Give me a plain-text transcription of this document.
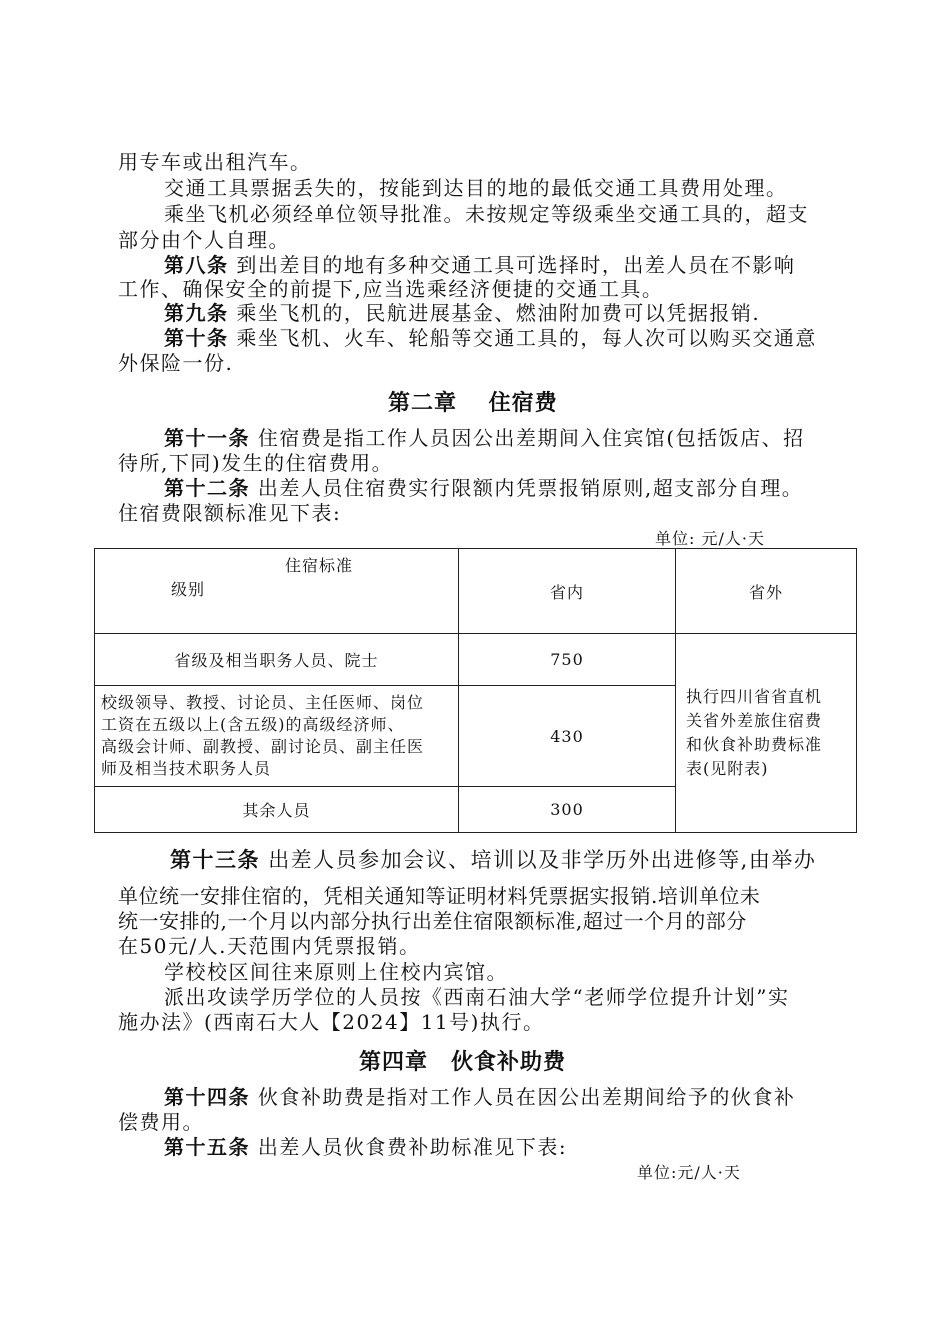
用专车或出租汽车。
交通工具票据丢失的，按能到达目的地的最低交通工具费用处理。
乘坐飞机必须经单位领导批准。未按规定等级乘坐交通工具的，超支
部分由个人自理。
第八条 到出差目的地有多种交通工具可选择时，出差人员在不影响
工作、确保安全的前提下,应当选乘经济便捷的交通工具。
第九条 乘坐飞机的，民航进展基金、燃油附加费可以凭据报销.
第十条 乘坐飞机、火车、轮船等交通工具的，每人次可以购买交通意
外保险一份.
第二章　 住宿费
第十一条 住宿费是指工作人员因公出差期间入住宾馆(包括饭店、招
待所,下同)发生的住宿费用。
第十二条 出差人员住宿费实行限额内凭票报销原则,超支部分自理。
住宿费限额标准见下表:
单位: 元/人·天
住宿标准
级别	省内	省外
省级及相当职务人员、院士	750	执行四川省省直机
关省外差旅住宿费
和伙食补助费标准
表(见附表)

校级领导、教授、讨论员、主任医师、岗位
工资在五级以上(含五级)的高级经济师、
高级会计师、副教授、副讨论员、副主任医
师及相当技术职务人员	430	
其余人员	300	
第十三条 出差人员参加会议、培训以及非学历外出进修等,由举办
单位统一安排住宿的，凭相关通知等证明材料凭票据实报销.培训单位未
统一安排的,一个月以内部分执行出差住宿限额标准,超过一个月的部分
在50元/人.天范围内凭票报销。
学校校区间往来原则上住校内宾馆。
派出攻读学历学位的人员按《西南石油大学“老师学位提升计划”实
施办法》(西南石大人【2024】11号)执行。
第四章　伙食补助费
第十四条 伙食补助费是指对工作人员在因公出差期间给予的伙食补
偿费用。
第十五条 出差人员伙食费补助标准见下表:
单位:元/人·天
